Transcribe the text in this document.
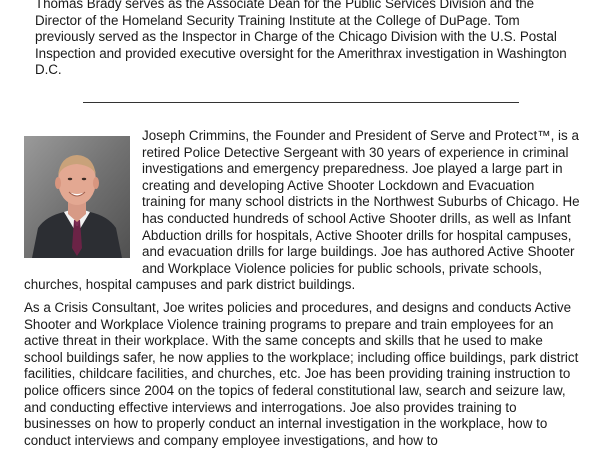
Thomas Brady serves as the Associate Dean for the Public Services Division and the Director of the Homeland Security Training Institute at the College of DuPage. Tom previously served as the Inspector in Charge of the Chicago Division with the U.S. Postal Inspection and provided executive oversight for the Amerithrax investigation in Washington D.C.

Joseph Crimmins, the Founder and President of Serve and Protect™, is a retired Police Detective Sergeant with 30 years of experience in criminal investigations and emergency preparedness. Joe played a large part in creating and developing Active Shooter Lockdown and Evacuation training for many school districts in the Northwest Suburbs of Chicago. He has conducted hundreds of school Active Shooter drills, as well as Infant Abduction drills for hospitals, Active Shooter drills for hospital campuses, and evacuation drills for large buildings. Joe has authored Active Shooter and Workplace Violence policies for public schools, private schools, churches, hospital campuses and park district buildings.

As a Crisis Consultant, Joe writes policies and procedures, and designs and conducts Active Shooter and Workplace Violence training programs to prepare and train employees for an active threat in their workplace. With the same concepts and skills that he used to make school buildings safer, he now applies to the workplace; including office buildings, park district facilities, childcare facilities, and churches, etc. Joe has been providing training instruction to police officers since 2004 on the topics of federal constitutional law, search and seizure law, and conducting effective interviews and interrogations. Joe also provides training to businesses on how to properly conduct an internal investigation in the workplace, how to conduct interviews and company employee investigations, and how to
